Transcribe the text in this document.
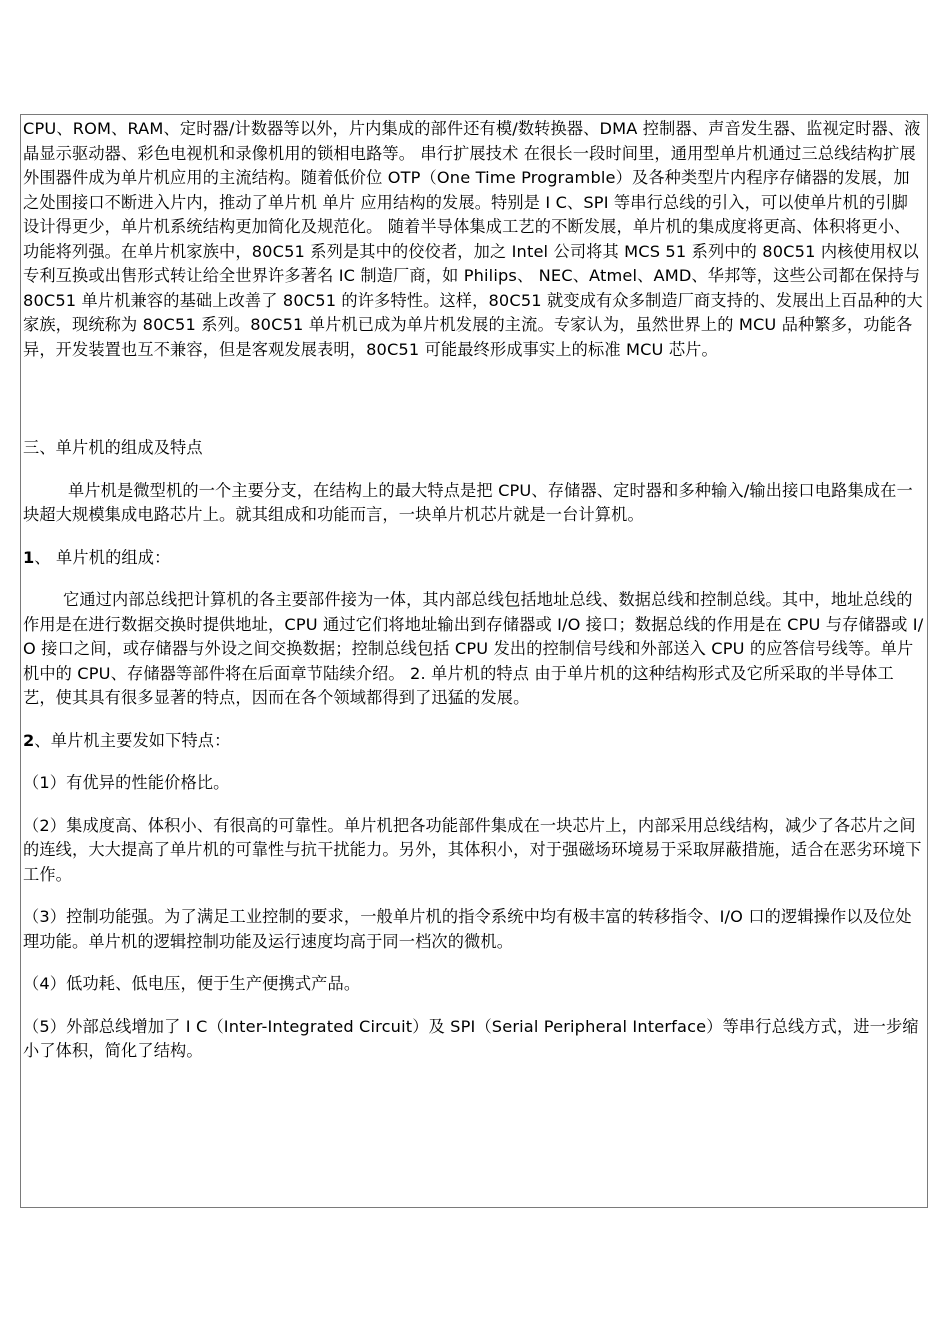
CPU、ROM、RAM、定时器/计数器等以外，片内集成的部件还有模/数转换器、DMA 控制器、声音发生器、监视定时器、液晶显示驱动器、彩色电视机和录像机用的锁相电路等。 串行扩展技术 在很长一段时间里，通用型单片机通过三总线结构扩展外围器件成为单片机应用的主流结构。随着低价位 OTP（One Time Programble）及各种类型片内程序存储器的发展，加之处围接口不断进入片内，推动了单片机 单片 应用结构的发展。特别是 I C、SPI 等串行总线的引入，可以使单片机的引脚设计得更少，单片机系统结构更加简化及规范化。 随着半导体集成工艺的不断发展，单片机的集成度将更高、体积将更小、功能将列强。在单片机家族中，80C51 系列是其中的佼佼者，加之 Intel 公司将其 MCS 51 系列中的 80C51 内核使用权以专利互换或出售形式转让给全世界许多著名 IC 制造厂商，如 Philips、 NEC、Atmel、AMD、华邦等，这些公司都在保持与 80C51 单片机兼容的基础上改善了 80C51 的许多特性。这样，80C51 就变成有众多制造厂商支持的、发展出上百品种的大家族，现统称为 80C51 系列。80C51 单片机已成为单片机发展的主流。专家认为，虽然世界上的 MCU 品种繁多，功能各异，开发装置也互不兼容，但是客观发展表明，80C51 可能最终形成事实上的标准 MCU 芯片。

三、单片机的组成及特点

单片机是微型机的一个主要分支，在结构上的最大特点是把 CPU、存储器、定时器和多种输入/输出接口电路集成在一块超大规模集成电路芯片上。就其组成和功能而言，一块单片机芯片就是一台计算机。

1、 单片机的组成：

它通过内部总线把计算机的各主要部件接为一体，其内部总线包括地址总线、数据总线和控制总线。其中，地址总线的作用是在进行数据交换时提供地址，CPU 通过它们将地址输出到存储器或 I/O 接口；数据总线的作用是在 CPU 与存储器或 I/O 接口之间，或存储器与外设之间交换数据；控制总线包括 CPU 发出的控制信号线和外部送入 CPU 的应答信号线等。单片机中的 CPU、存储器等部件将在后面章节陆续介绍。 2. 单片机的特点 由于单片机的这种结构形式及它所采取的半导体工艺，使其具有很多显著的特点，因而在各个领域都得到了迅猛的发展。

2、单片机主要发如下特点：

（1）有优异的性能价格比。

（2）集成度高、体积小、有很高的可靠性。单片机把各功能部件集成在一块芯片上，内部采用总线结构，减少了各芯片之间的连线，大大提高了单片机的可靠性与抗干扰能力。另外，其体积小，对于强磁场环境易于采取屏蔽措施，适合在恶劣环境下工作。

（3）控制功能强。为了满足工业控制的要求，一般单片机的指令系统中均有极丰富的转移指令、I/O 口的逻辑操作以及位处理功能。单片机的逻辑控制功能及运行速度均高于同一档次的微机。

（4）低功耗、低电压，便于生产便携式产品。

（5）外部总线增加了 I C（Inter-Integrated Circuit）及 SPI（Serial Peripheral Interface）等串行总线方式，进一步缩小了体积，简化了结构。
